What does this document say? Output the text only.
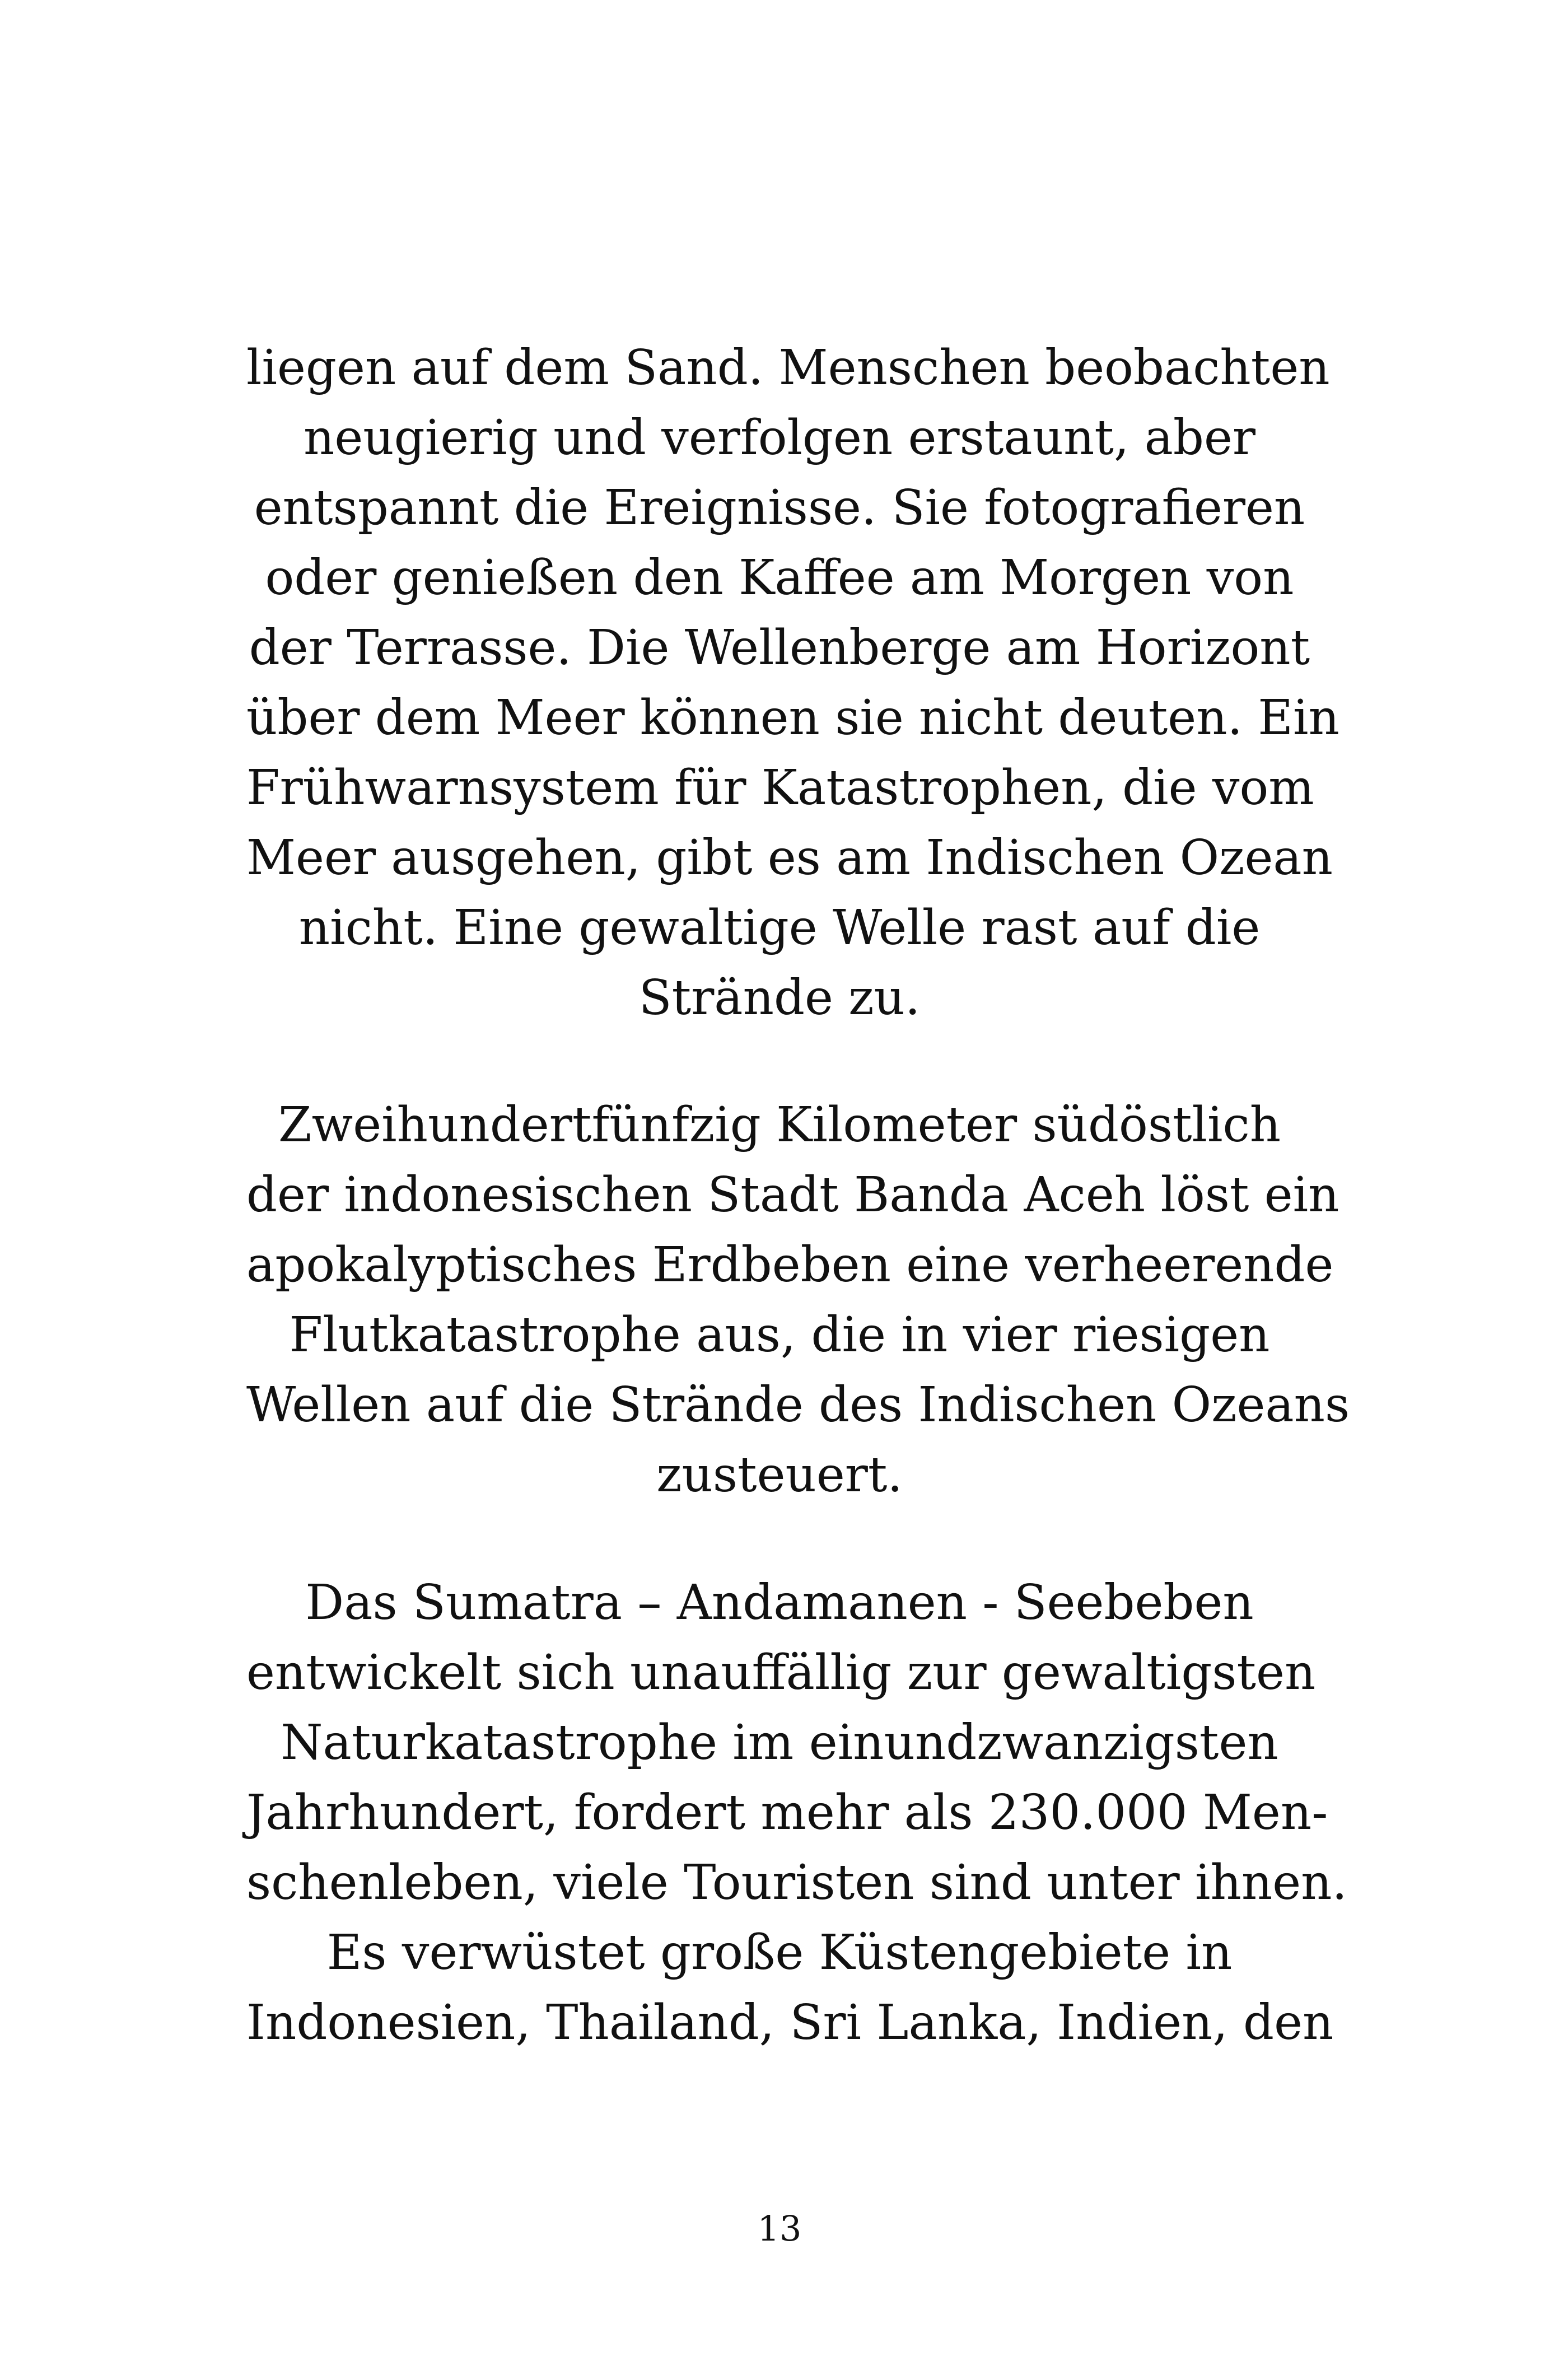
liegen auf dem Sand. Menschen beobachten
neugierig und verfolgen erstaunt, aber
entspannt die Ereignisse. Sie fotografieren
oder genießen den Kaffee am Morgen von
der Terrasse. Die Wellenberge am Horizont
über dem Meer können sie nicht deuten. Ein
Frühwarnsystem für Katastrophen, die vom
Meer ausgehen, gibt es am Indischen Ozean
nicht. Eine gewaltige Welle rast auf die
Strände zu.
Zweihundertfünfzig Kilometer südöstlich
der indonesischen Stadt Banda Aceh löst ein
apokalyptisches Erdbeben eine verheerende
Flutkatastrophe aus, die in vier riesigen
Wellen auf die Strände des Indischen Ozeans
zusteuert.
Das Sumatra – Andamanen - Seebeben
entwickelt sich unauffällig zur gewaltigsten
Naturkatastrophe im einundzwanzigsten
Jahrhundert, fordert mehr als 230.000 Men-
schenleben, viele Touristen sind unter ihnen.
Es verwüstet große Küstengebiete in
Indonesien, Thailand, Sri Lanka, Indien, den
13
